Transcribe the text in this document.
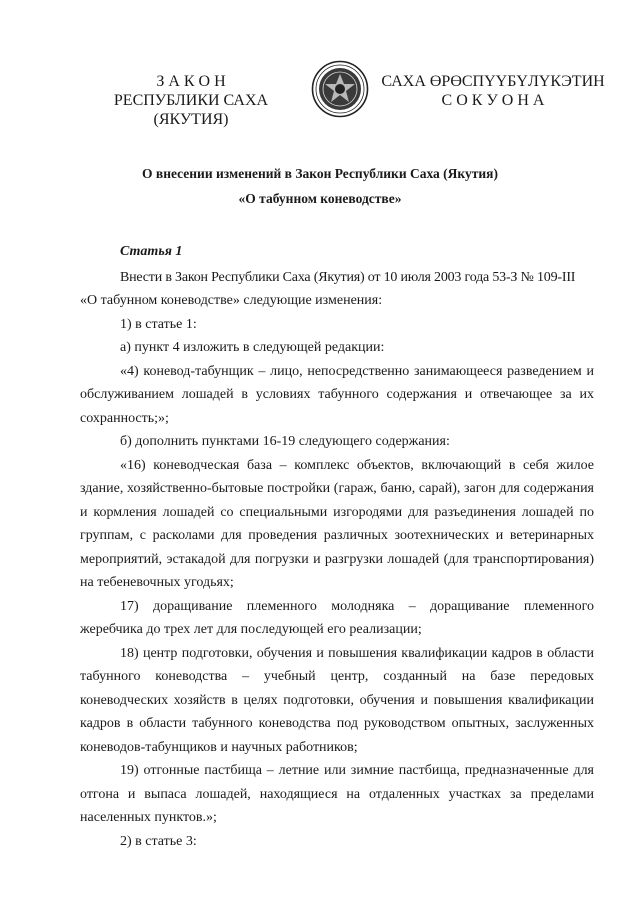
З А К О Н
РЕСПУБЛИКИ САХА (ЯКУТИЯ)
САХА ӨРӨСПҮҮБҮЛҮКЭТИН
С О К У О Н А
О внесении изменений в Закон Республики Саха (Якутия)
«О табунном коневодстве»

Статья 1

Внести в Закон Республики Саха (Якутия) от 10 июля 2003 года 53-З № 109-III

«О табунном коневодстве» следующие изменения:

1) в статье 1:

а) пункт 4 изложить в следующей редакции:

«4) коневод-табунщик – лицо, непосредственно занимающееся разведением и обслуживанием лошадей в условиях табунного содержания и отвечающее за их сохранность;»;

б) дополнить пунктами 16-19 следующего содержания:

«16) коневодческая база – комплекс объектов, включающий в себя жилое здание, хозяйственно-бытовые постройки (гараж, баню, сарай), загон для содержания и кормления лошадей со специальными изгородями для разъединения лошадей по группам, с расколами для проведения различных зоотехнических и ветеринарных мероприятий, эстакадой для погрузки и разгрузки лошадей (для транспортирования) на тебеневочных угодьях;

17) доращивание племенного молодняка – доращивание племенного жеребчика до трех лет для последующей его реализации;

18) центр подготовки, обучения и повышения квалификации кадров в области табунного коневодства – учебный центр, созданный на базе передовых коневодческих хозяйств в целях подготовки, обучения и повышения квалификации кадров в области табунного коневодства под руководством опытных, заслуженных коневодов-табунщиков и научных работников;

19) отгонные пастбища – летние или зимние пастбища, предназначенные для отгона и выпаса лошадей, находящиеся на отдаленных участках за пределами населенных пунктов.»;

2) в статье 3:
